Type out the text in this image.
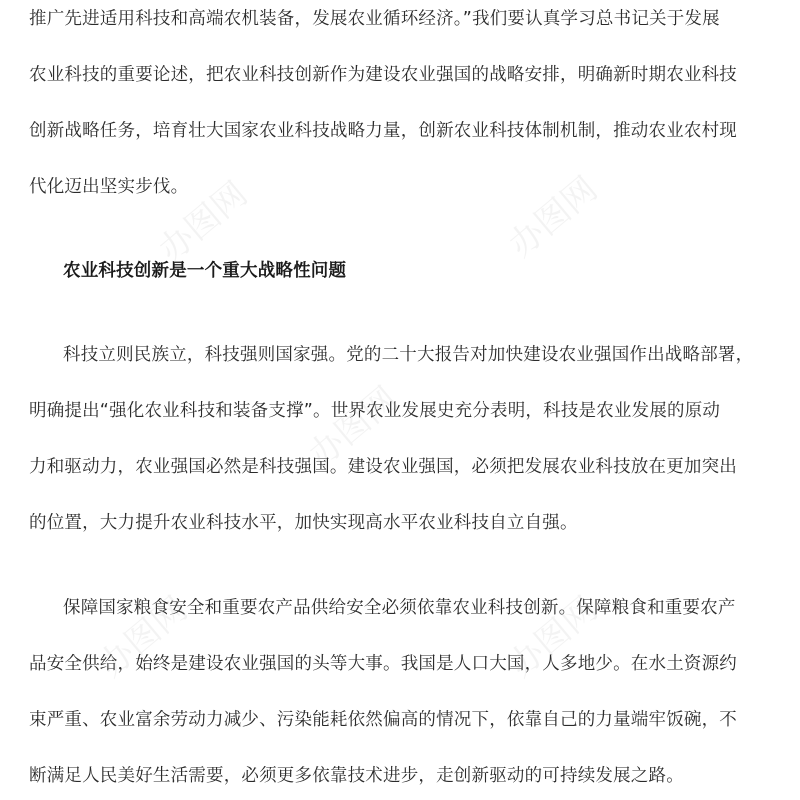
推广先进适用科技和高端农机装备，发展农业循环经济。”我们要认真学习总书记关于发展
农业科技的重要论述，把农业科技创新作为建设农业强国的战略安排，明确新时期农业科技
创新战略任务，培育壮大国家农业科技战略力量，创新农业科技体制机制，推动农业农村现
代化迈出坚实步伐。
农业科技创新是一个重大战略性问题
科技立则民族立，科技强则国家强。党的二十大报告对加快建设农业强国作出战略部署，
明确提出“强化农业科技和装备支撑”。世界农业发展史充分表明，科技是农业发展的原动
力和驱动力，农业强国必然是科技强国。建设农业强国，必须把发展农业科技放在更加突出
的位置，大力提升农业科技水平，加快实现高水平农业科技自立自强。
保障国家粮食安全和重要农产品供给安全必须依靠农业科技创新。保障粮食和重要农产
品安全供给，始终是建设农业强国的头等大事。我国是人口大国，人多地少。在水土资源约
束严重、农业富余劳动力减少、污染能耗依然偏高的情况下，依靠自己的力量端牢饭碗，不
断满足人民美好生活需要，必须更多依靠技术进步，走创新驱动的可持续发展之路。
办图网	办图网
办图网
办图网	办图网
